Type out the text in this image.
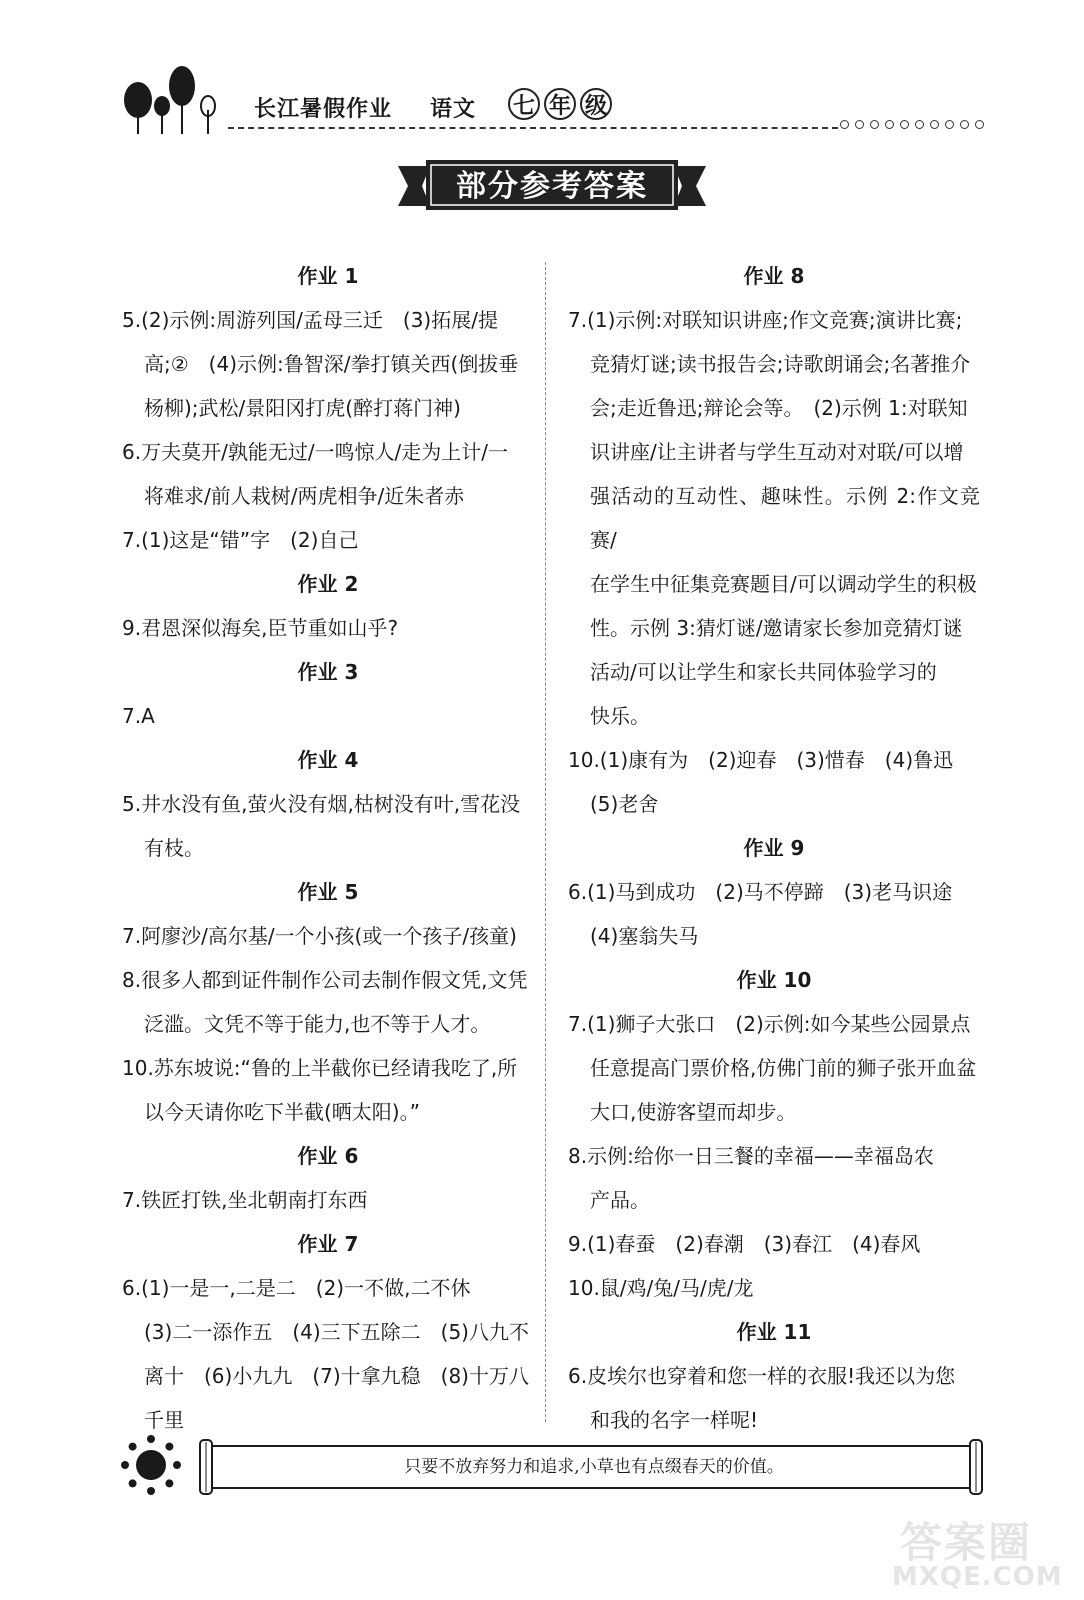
长江暑假作业 语文 七 年 级
部分参考答案
作业 1
5.(2)示例:周游列国/孟母三迁　(3)拓展/提
高;②　(4)示例:鲁智深/拳打镇关西(倒拔垂
杨柳);武松/景阳冈打虎(醉打蒋门神)
6.万夫莫开/孰能无过/一鸣惊人/走为上计/一
将难求/前人栽树/两虎相争/近朱者赤
7.(1)这是“错”字　(2)自己
作业 2
9.君恩深似海矣,臣节重如山乎?
作业 3
7.A
作业 4
5.井水没有鱼,萤火没有烟,枯树没有叶,雪花没
有枝。
作业 5
7.阿廖沙/高尔基/一个小孩(或一个孩子/孩童)
8.很多人都到证件制作公司去制作假文凭,文凭
泛滥。文凭不等于能力,也不等于人才。
10.苏东坡说:“鲁的上半截你已经请我吃了,所
以今天请你吃下半截(晒太阳)。”
作业 6
7.铁匠打铁,坐北朝南打东西
作业 7
6.(1)一是一,二是二　(2)一不做,二不休
(3)二一添作五　(4)三下五除二　(5)八九不
离十　(6)小九九　(7)十拿九稳　(8)十万八
千里
作业 8
7.(1)示例:对联知识讲座;作文竞赛;演讲比赛;
竞猜灯谜;读书报告会;诗歌朗诵会;名著推介
会;走近鲁迅;辩论会等。　(2)示例 1:对联知
识讲座/让主讲者与学生互动对对联/可以增
强活动的互动性、趣味性。示例 2:作文竞赛/
在学生中征集竞赛题目/可以调动学生的积极
性。示例 3:猜灯谜/邀请家长参加竞猜灯谜
活动/可以让学生和家长共同体验学习的
快乐。
10.(1)康有为　(2)迎春　(3)惜春　(4)鲁迅
(5)老舍
作业 9
6.(1)马到成功　(2)马不停蹄　(3)老马识途
(4)塞翁失马
作业 10
7.(1)狮子大张口　(2)示例:如今某些公园景点
任意提高门票价格,仿佛门前的狮子张开血盆
大口,使游客望而却步。
8.示例:给你一日三餐的幸福——幸福岛农
产品。
9.(1)春蚕　(2)春潮　(3)春江　(4)春风
10.鼠/鸡/兔/马/虎/龙
作业 11
6.皮埃尔也穿着和您一样的衣服!我还以为您
和我的名字一样呢!
只要不放弃努力和追求,小草也有点缀春天的价值。
答案圈
MXQE.COM
